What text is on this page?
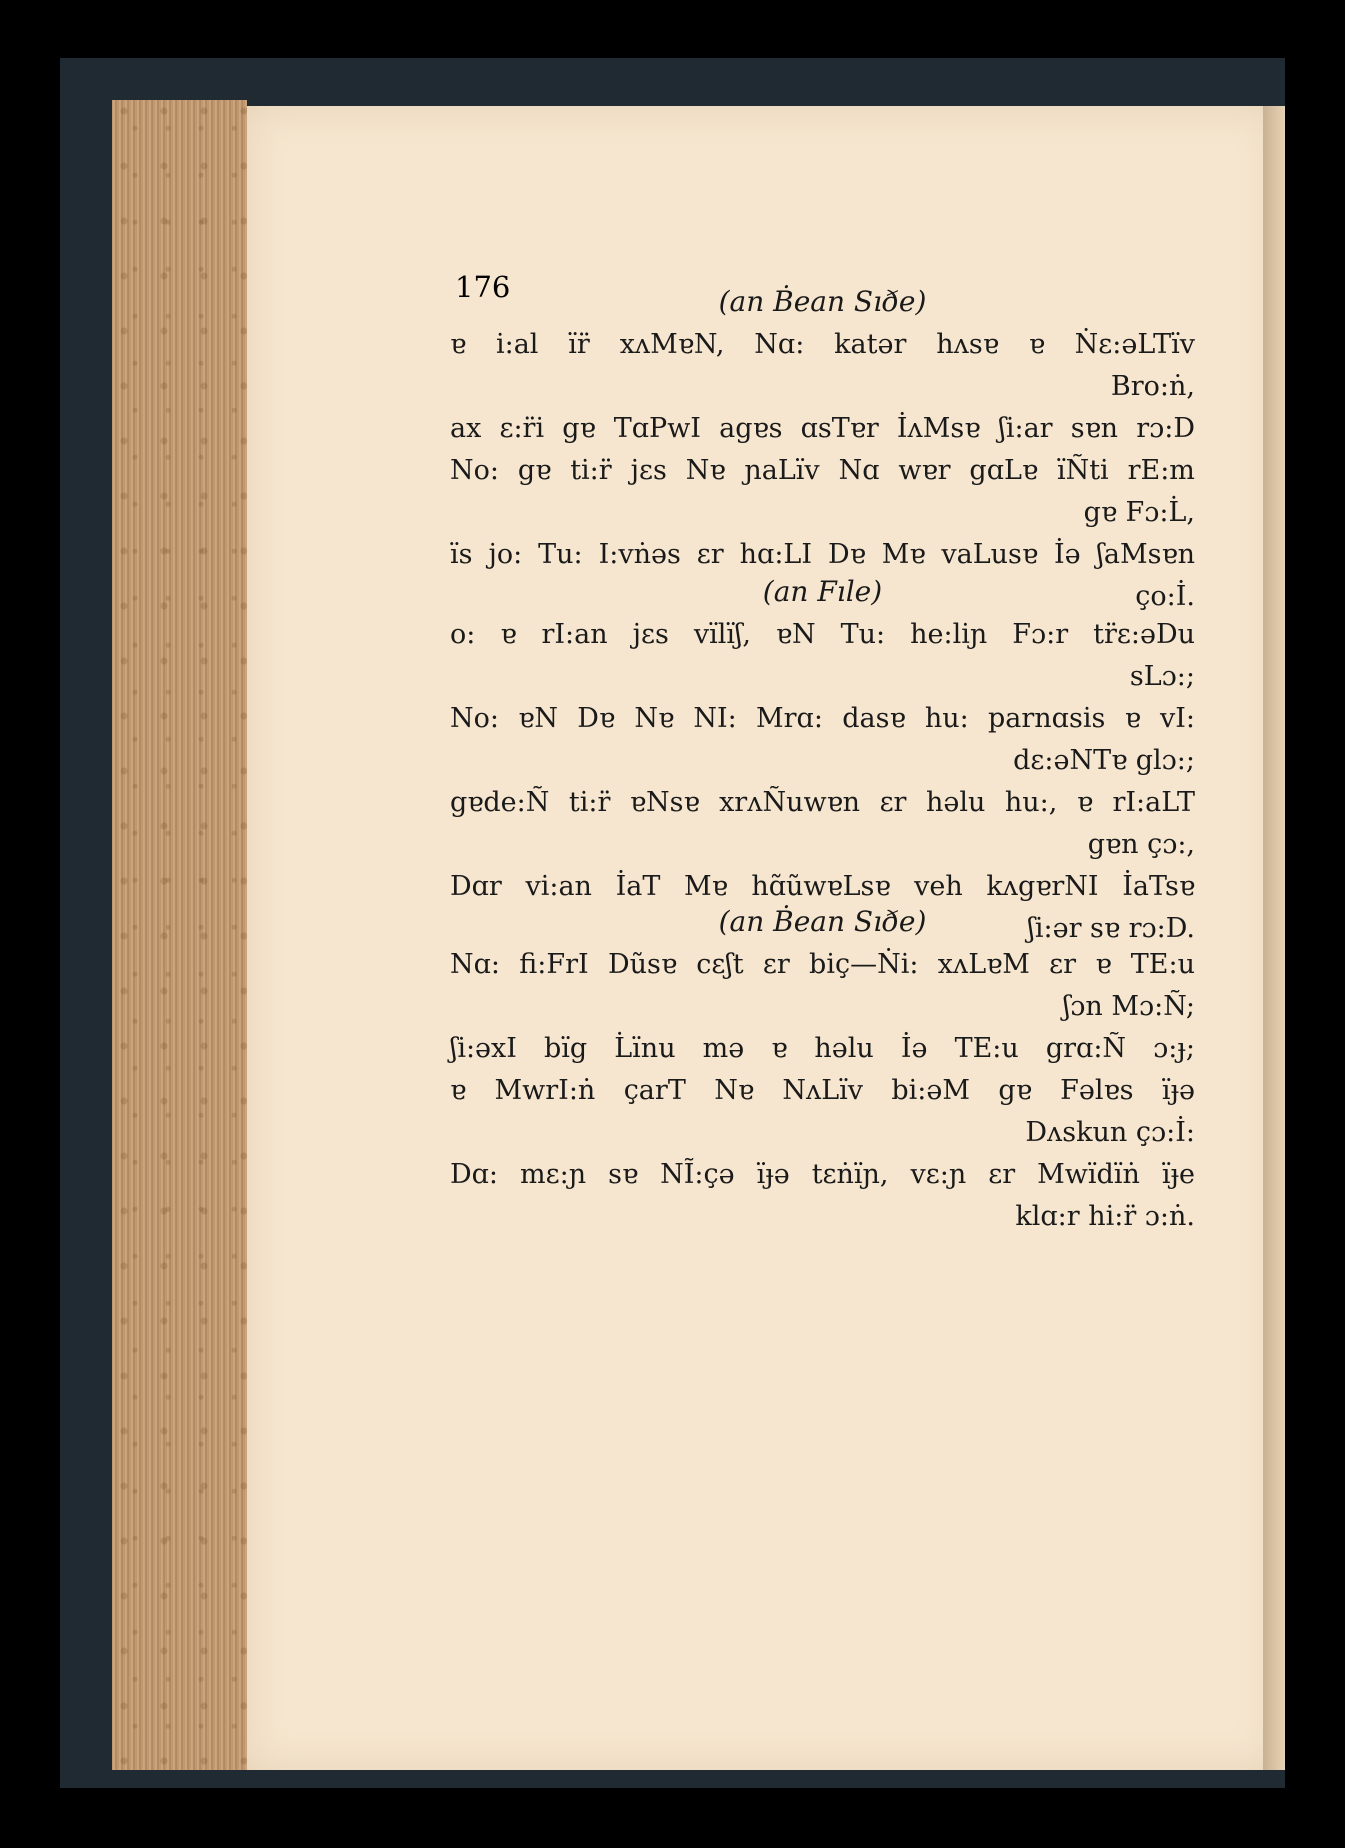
176	(an Ḃean Sıðe)
ɐ i:al ïr̈ xʌMɐN, Nɑ: katər hʌsɐ ɐ Ṅɛ:əLTïv
Bro:ṅ,
ax ɛ:r̈i gɐ TɑPwI agɐs ɑsTɐr İʌMsɐ ʃi:ar sɐn rɔ:D
No: gɐ ti:r̈ jɛs Nɐ ɲaLïv Nɑ wɐr gɑLɐ ïÑti rE:m
gɐ Fɔ:L̇,
ïs jo: Tu: I:vṅəs ɛr hɑ:LI Dɐ Mɐ vaLusɐ İə ʃaMsɐn
ço:İ.
(an Fıle)
o: ɐ rI:an jɛs vïlïʃ, ɐN Tu: he:liɲ Fɔ:r tr̈ɛ:əDu
sLɔ:;
No: ɐN Dɐ Nɐ NI: Mrɑ: dasɐ hu: parnɑsis ɐ vI:
dɛ:əNTɐ glɔ:;
gɐde:Ñ ti:r̈ ɐNsɐ xrʌÑuwɐn ɛr həlu hu:, ɐ rI:aLT
gɐn çɔ:,
Dɑr vi:an İaT Mɐ hɑ̃ũwɐLsɐ veh kʌgɐrNI İaTsɐ
ʃi:ər sɐ rɔ:D.
(an Ḃean Sıðe)
Nɑ: fi:FrI Dũsɐ cɛʃt ɛr biç—Ṅi: xʌLɐM ɛr ɐ TE:u
ʃɔn Mɔ:Ñ;
ʃi:əxI bïg L̇ïnu mə ɐ həlu İə TE:u grɑ:Ñ ɔ:ɟ;
ɐ MwrI:ṅ çarT Nɐ NʌLïv bi:əM gɐ Fəlɐs ïɟə
Dʌskun çɔ:İ:
Dɑ: mɛ:ɲ sɐ NĨ:çə ïɟə tɛṅïɲ, vɛ:ɲ ɛr Mwïdïṅ ïɟe
klɑ:r hi:r̈ ɔ:ṅ.
